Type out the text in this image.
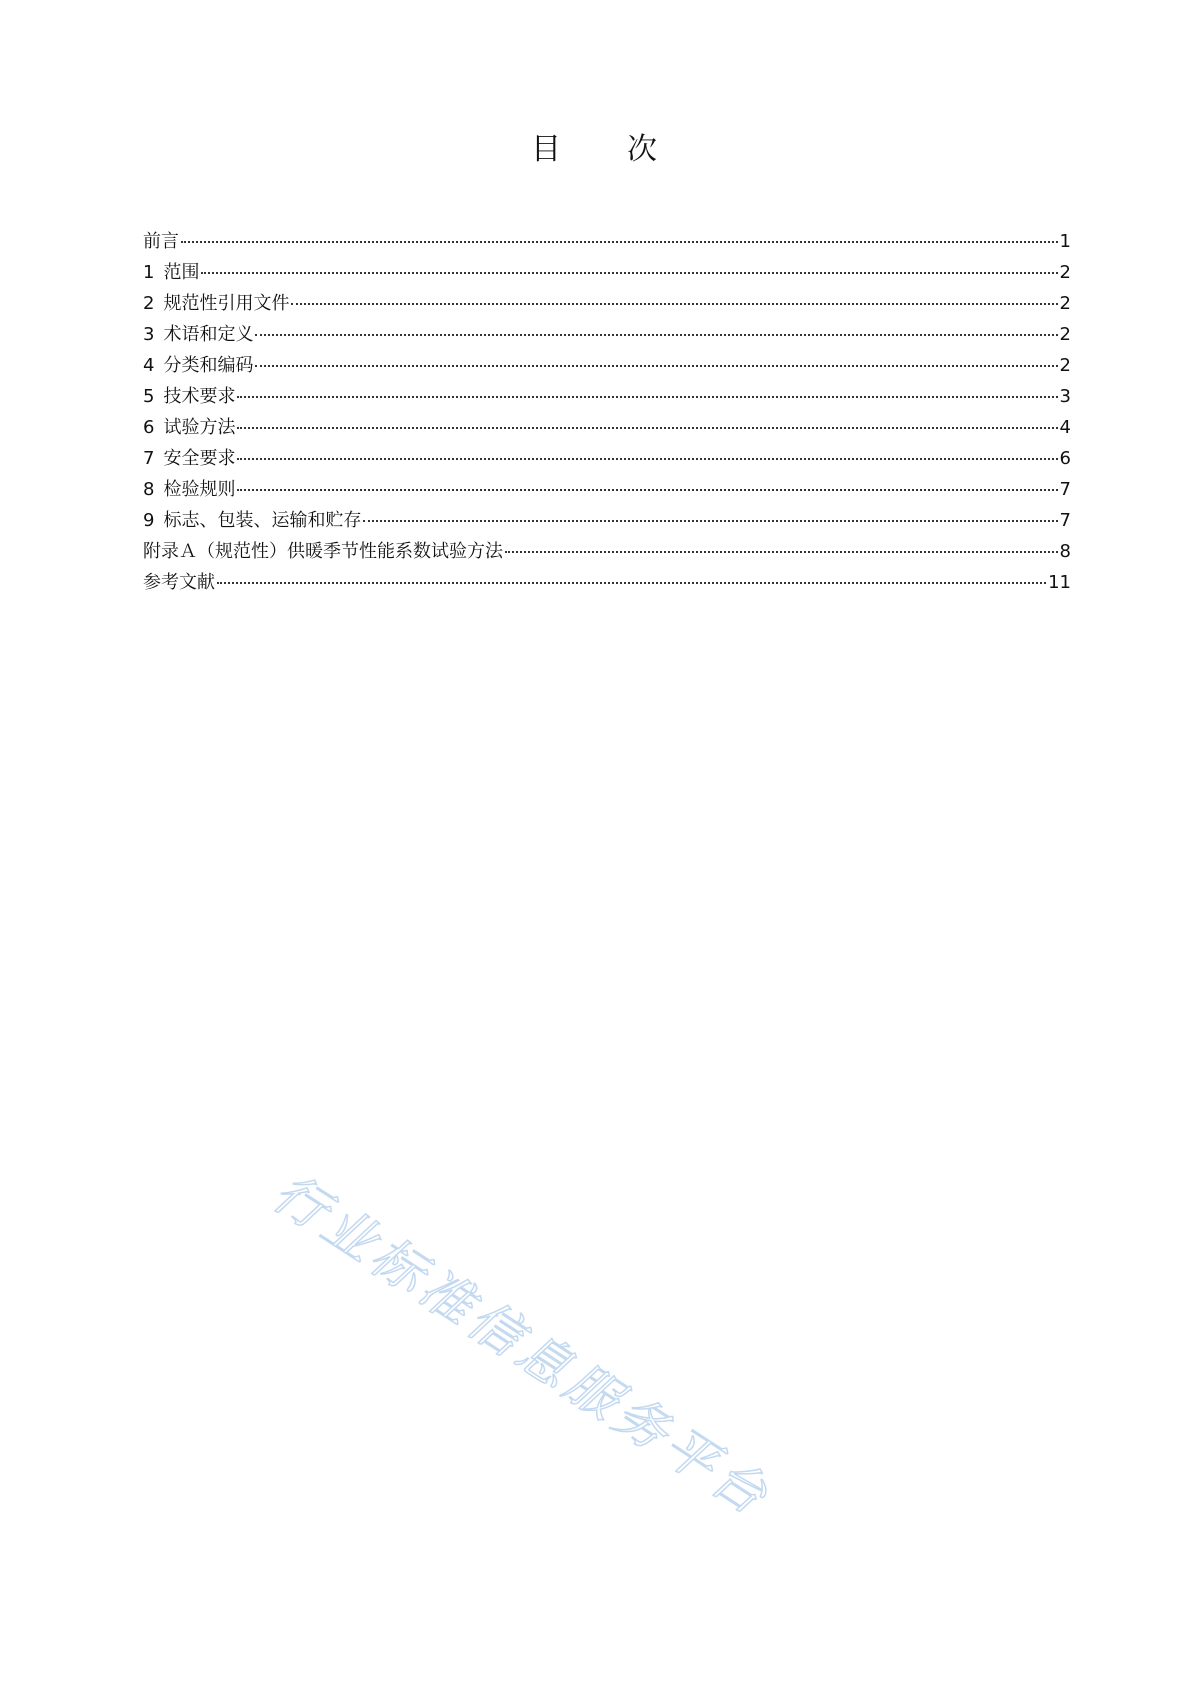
目　　次
前言	1
1 范围	2
2 规范性引用文件	2
3 术语和定义	2
4 分类和编码	2
5 技术要求	3
6 试验方法	4
7 安全要求	6
8 检验规则	7
9 标志、包装、运输和贮存	7
附录Ａ（规范性）供暖季节性能系数试验方法	8
参考文献	11
行业标准信息服务平台
